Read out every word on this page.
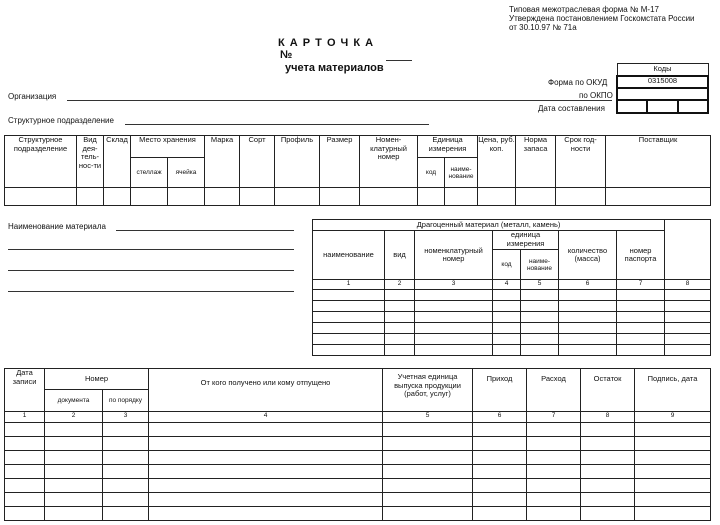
Типовая межотраслевая форма № М-17
Утверждена постановлением Госкомстата России
от 30.10.97 № 71а
К А Р Т О Ч К А
№
учета материалов	Коды
0315008

Форма по ОКУД
по ОКПО
Дата составления
Организация
Структурное подразделение
Структурное подразделение	Вид дея-тель-нос-ти	Склад	Место хранения		Марка	Сорт	Профиль	Размер	Номен-клатурный номер	Единица измерения		Цена, руб. коп.	Норма запаса	Срок год-ности	Поставщик
			стеллаж	ячейка						код	наиме-нование				

Наименование материала	Драгоценный материал (металл, камень)							
наименование	вид	номенклатурный номер	единица измерения		количество (масса)	номер паспорта	
			код	наиме-нование			
1	2	3	4	5	6	7	8

Дата записи	Номер		От кого получено или кому отпущено	Учетная единица выпуска продукции (работ, услуг)	Приход	Расход	Остаток	Подпись, дата
	документа	по порядку						
1	2	3	4	5	6	7	8	9
